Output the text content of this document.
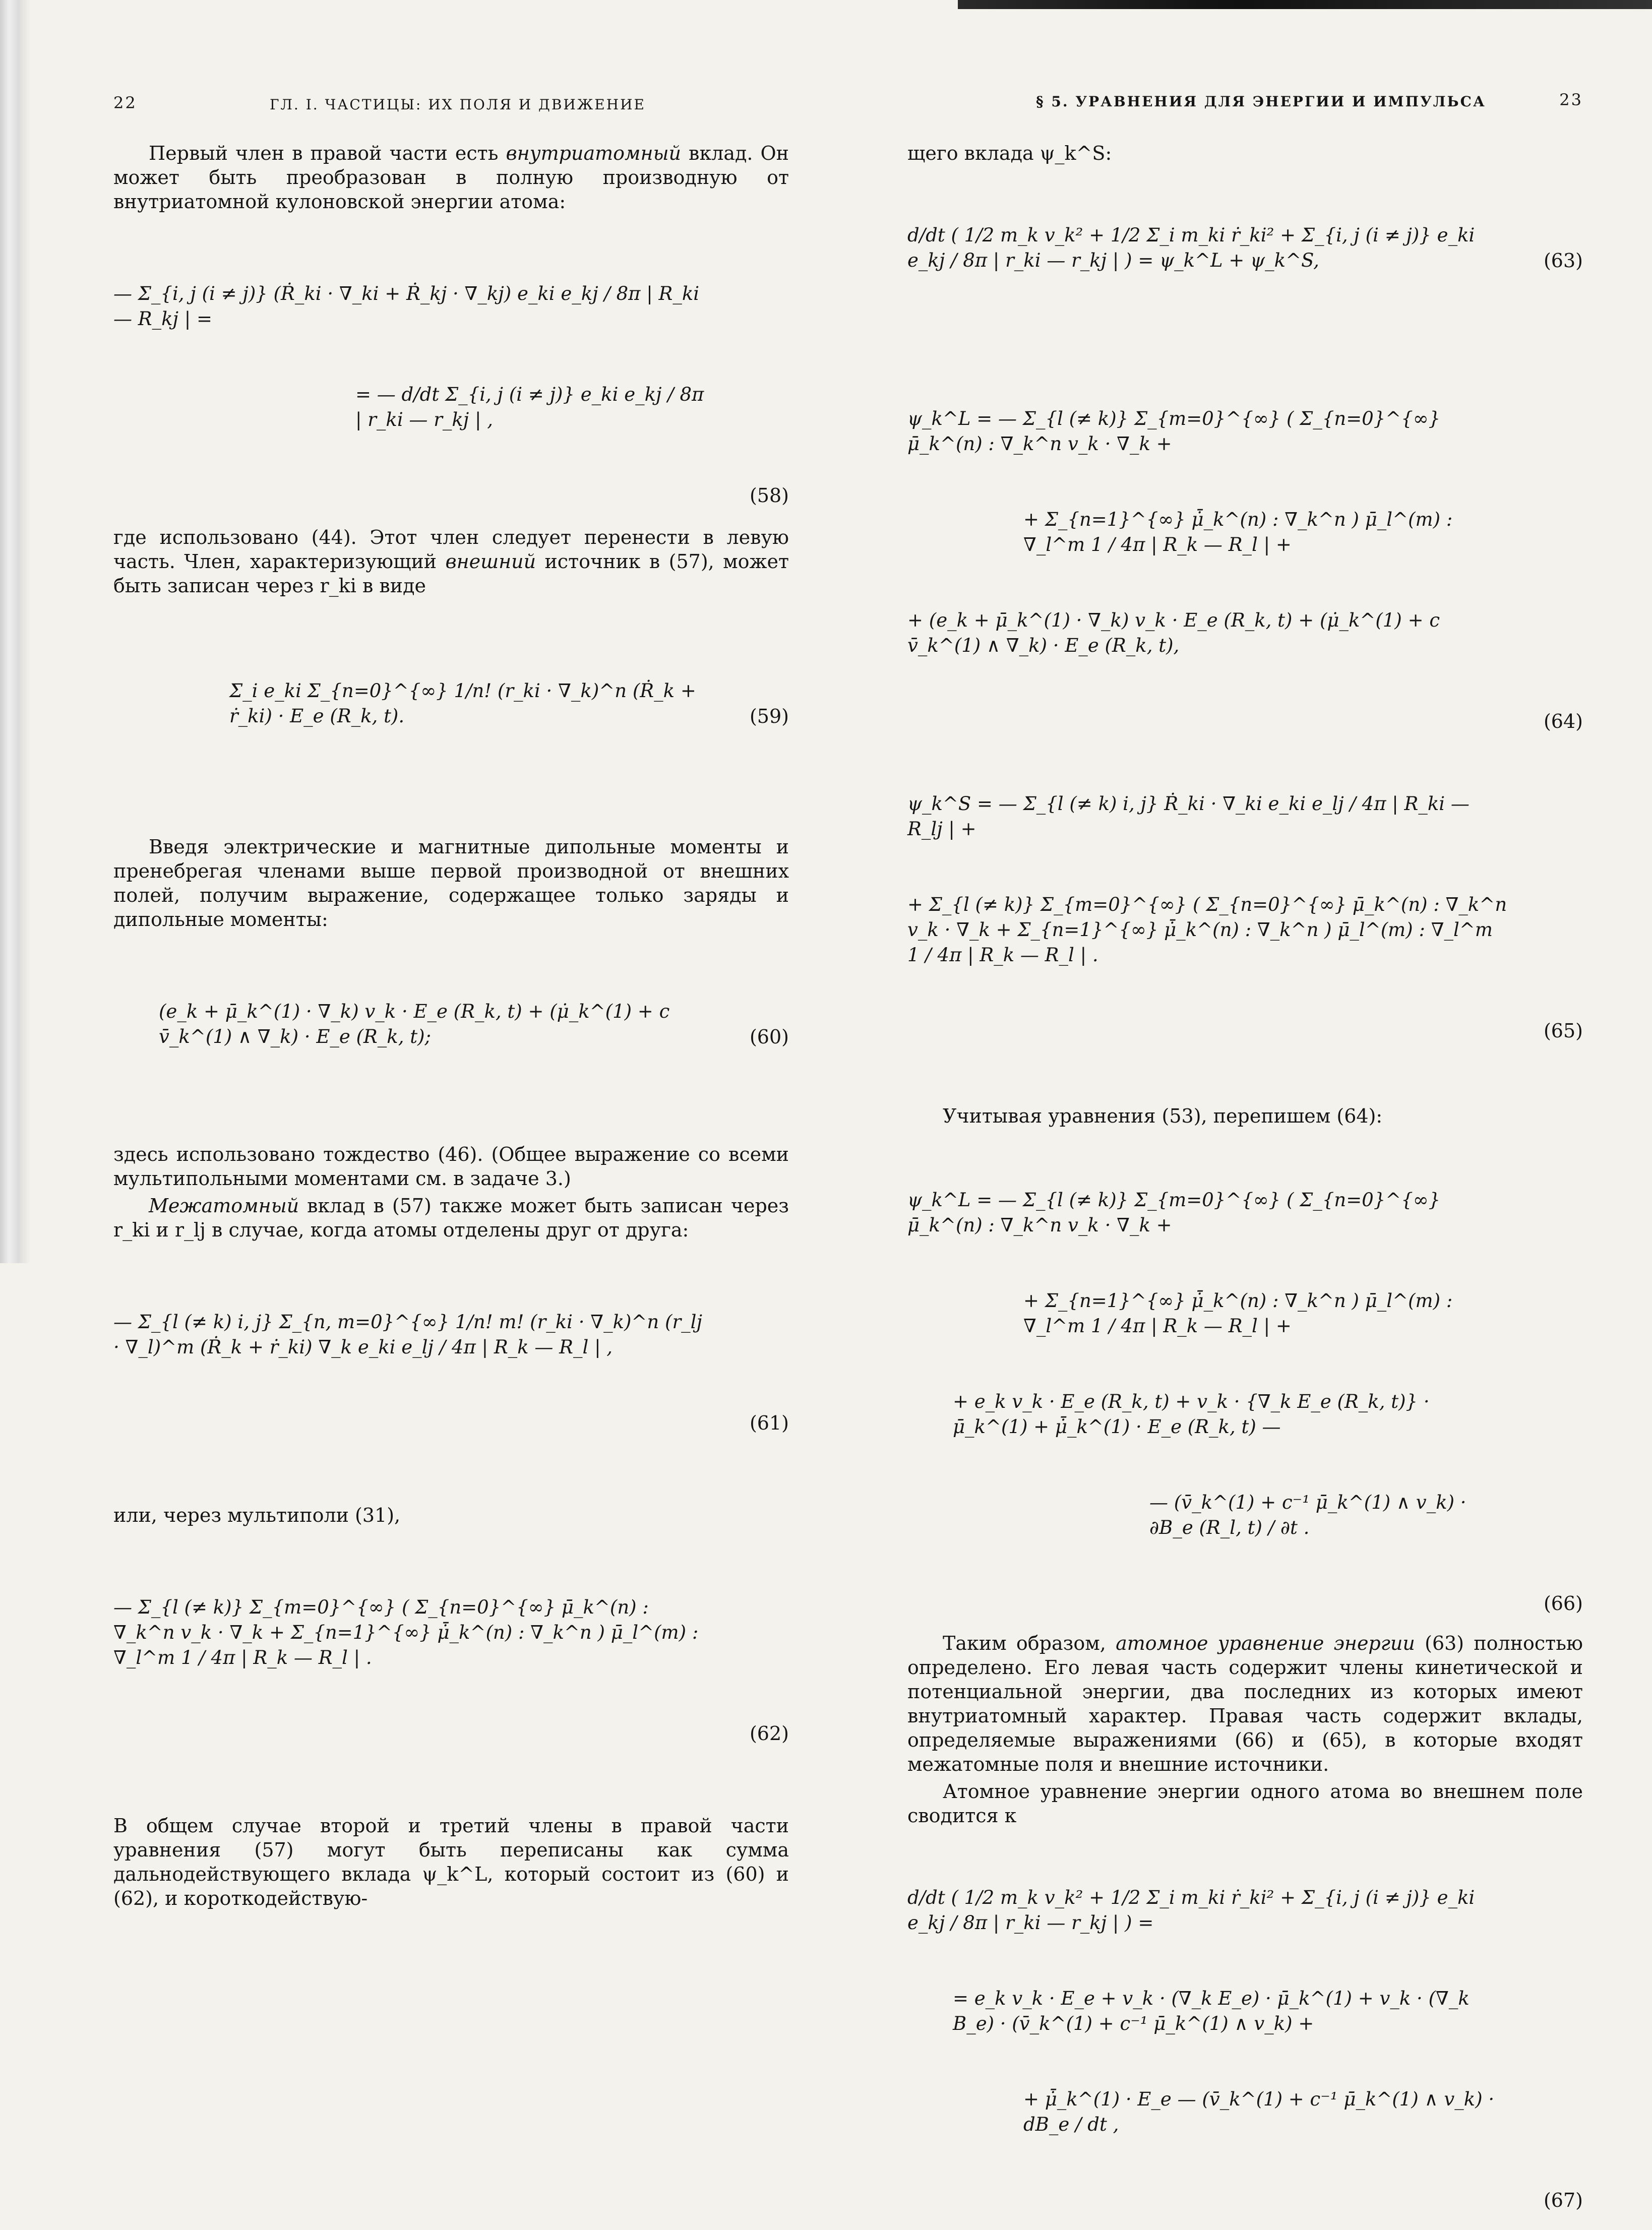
22	ГЛ. I. ЧАСТИЦЫ: ИХ ПОЛЯ И ДВИЖЕНИЕ

Первый член в правой части есть внутриатомный вклад. Он может быть преобразован в полную производную от внутриатомной кулоновской энергии атома:

— Σ_{i, j (i ≠ j)} (Ṙ_ki · ∇_ki + Ṙ_kj · ∇_kj) e_ki e_kj / 8π | R_ki — R_kj | =

= — d/dt Σ_{i, j (i ≠ j)} e_ki e_kj / 8π | r_ki — r_kj | ,

(58)

где использовано (44). Этот член следует перенести в левую часть. Член, характеризующий внешний источник в (57), может быть записан через r_ki в виде

Σ_i e_ki Σ_{n=0}^{∞} 1/n! (r_ki · ∇_k)^n (Ṙ_k + ṙ_ki) · E_e (R_k, t).

	(59)

Введя электрические и магнитные дипольные моменты и пренебрегая членами выше первой производной от внешних полей, получим выражение, содержащее только заряды и дипольные моменты:

(e_k + μ̄_k^(1) · ∇_k) v_k · E_e (R_k, t) + (μ̇_k^(1) + c v̄_k^(1) ∧ ∇_k) · E_e (R_k, t);

	(60)

здесь использовано тождество (46). (Общее выражение со всеми мультипольными моментами см. в задаче 3.)

Межатомный вклад в (57) также может быть записан через r_ki и r_lj в случае, когда атомы отделены друг от друга:

— Σ_{l (≠ k) i, j} Σ_{n, m=0}^{∞} 1/n! m! (r_ki · ∇_k)^n (r_lj · ∇_l)^m (Ṙ_k + ṙ_ki) ∇_k e_ki e_lj / 4π | R_k — R_l | ,

(61)

или, через мультиполи (31),

— Σ_{l (≠ k)} Σ_{m=0}^{∞} ( Σ_{n=0}^{∞} μ̄_k^(n) : ∇_k^n v_k · ∇_k + Σ_{n=1}^{∞} μ̇̄_k^(n) : ∇_k^n ) μ̄_l^(m) : ∇_l^m 1 / 4π | R_k — R_l | .

(62)

В общем случае второй и третий члены в правой части уравнения (57) могут быть переписаны как сумма дальнодействующего вклада ψ_k^L, который состоит из (60) и (62), и короткодействую-

§ 5. УРАВНЕНИЯ ДЛЯ ЭНЕРГИИ И ИМПУЛЬСА	23

щего вклада ψ_k^S:

d/dt ( 1/2 m_k v_k² + 1/2 Σ_i m_ki ṙ_ki² + Σ_{i, j (i ≠ j)} e_ki e_kj / 8π | r_ki — r_kj | ) = ψ_k^L + ψ_k^S,

	(63)

ψ_k^L = — Σ_{l (≠ k)} Σ_{m=0}^{∞} ( Σ_{n=0}^{∞} μ̄_k^(n) : ∇_k^n v_k · ∇_k +

+ Σ_{n=1}^{∞} μ̇̄_k^(n) : ∇_k^n ) μ̄_l^(m) : ∇_l^m 1 / 4π | R_k — R_l | +

+ (e_k + μ̄_k^(1) · ∇_k) v_k · E_e (R_k, t) + (μ̇_k^(1) + c v̄_k^(1) ∧ ∇_k) · E_e (R_k, t),

(64)

ψ_k^S = — Σ_{l (≠ k) i, j} Ṙ_ki · ∇_ki e_ki e_lj / 4π | R_ki — R_lj | +

+ Σ_{l (≠ k)} Σ_{m=0}^{∞} ( Σ_{n=0}^{∞} μ̄_k^(n) : ∇_k^n v_k · ∇_k + Σ_{n=1}^{∞} μ̇̄_k^(n) : ∇_k^n ) μ̄_l^(m) : ∇_l^m 1 / 4π | R_k — R_l | .

(65)

Учитывая уравнения (53), перепишем (64):

ψ_k^L = — Σ_{l (≠ k)} Σ_{m=0}^{∞} ( Σ_{n=0}^{∞} μ̄_k^(n) : ∇_k^n v_k · ∇_k +

+ Σ_{n=1}^{∞} μ̇̄_k^(n) : ∇_k^n ) μ̄_l^(m) : ∇_l^m 1 / 4π | R_k — R_l | +

+ e_k v_k · E_e (R_k, t) + v_k · {∇_k E_e (R_k, t)} · μ̄_k^(1) + μ̇̄_k^(1) · E_e (R_k, t) —

— (v̄_k^(1) + c⁻¹ μ̄_k^(1) ∧ v_k) · ∂B_e (R_l, t) / ∂t .

(66)

Таким образом, атомное уравнение энергии (63) полностью определено. Его левая часть содержит члены кинетической и потенциальной энергии, два последних из которых имеют внутриатомный характер. Правая часть содержит вклады, определяемые выражениями (66) и (65), в которые входят межатомные поля и внешние источники.

Атомное уравнение энергии одного атома во внешнем поле сводится к

d/dt ( 1/2 m_k v_k² + 1/2 Σ_i m_ki ṙ_ki² + Σ_{i, j (i ≠ j)} e_ki e_kj / 8π | r_ki — r_kj | ) =

= e_k v_k · E_e + v_k · (∇_k E_e) · μ̄_k^(1) + v_k · (∇_k B_e) · (v̄_k^(1) + c⁻¹ μ̄_k^(1) ∧ v_k) +

+ μ̇̄_k^(1) · E_e — (v̄_k^(1) + c⁻¹ μ̄_k^(1) ∧ v_k) · dB_e / dt ,

(67)
